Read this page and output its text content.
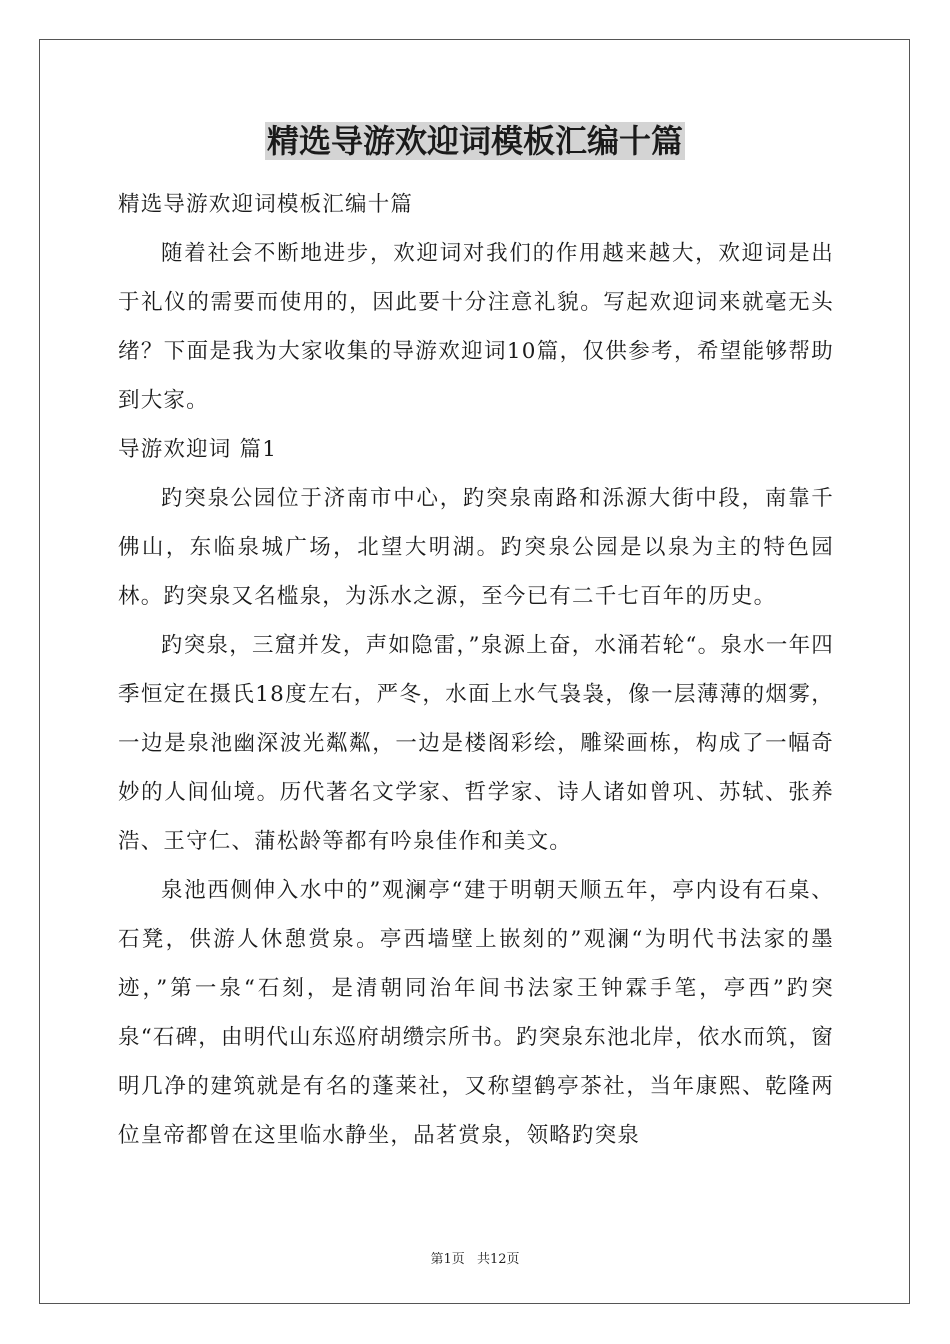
精选导游欢迎词模板汇编十篇
精选导游欢迎词模板汇编十篇

随着社会不断地进步，欢迎词对我们的作用越来越大，欢迎词是出于礼仪的需要而使用的，因此要十分注意礼貌。写起欢迎词来就毫无头绪？下面是我为大家收集的导游欢迎词10篇，仅供参考，希望能够帮助到大家。

导游欢迎词 篇1

趵突泉公园位于济南市中心，趵突泉南路和泺源大街中段，南靠千佛山，东临泉城广场，北望大明湖。趵突泉公园是以泉为主的特色园林。趵突泉又名槛泉，为泺水之源，至今已有二千七百年的历史。

趵突泉，三窟并发，声如隐雷，”泉源上奋，水涌若轮“。泉水一年四季恒定在摄氏18度左右，严冬，水面上水气袅袅，像一层薄薄的烟雾，一边是泉池幽深波光粼粼，一边是楼阁彩绘，雕梁画栋，构成了一幅奇妙的人间仙境。历代著名文学家、哲学家、诗人诸如曾巩、苏轼、张养浩、王守仁、蒲松龄等都有吟泉佳作和美文。

泉池西侧伸入水中的”观澜亭“建于明朝天顺五年，亭内设有石桌、石凳，供游人休憩赏泉。亭西墙壁上嵌刻的”观澜“为明代书法家的墨迹，”第一泉“石刻，是清朝同治年间书法家王钟霖手笔，亭西”趵突泉“石碑，由明代山东巡府胡缵宗所书。趵突泉东池北岸，依水而筑，窗明几净的建筑就是有名的蓬莱社，又称望鹤亭茶社，当年康熙、乾隆两位皇帝都曾在这里临水静坐，品茗赏泉，领略趵突泉

第1页 共12页
